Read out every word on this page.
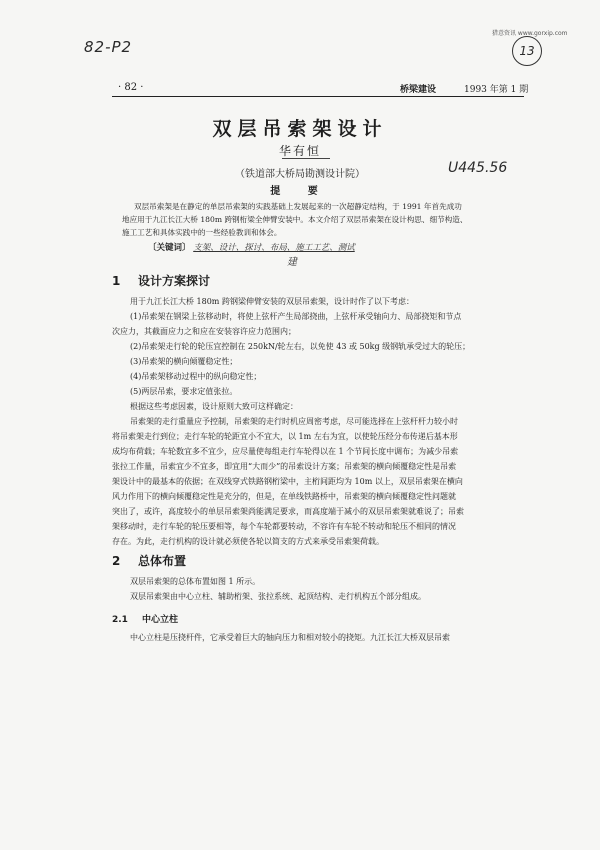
82-P2
猎意资讯 www.gorxip.com
13
· 82 ·	桥梁建设	1993 年第 1 期
双层吊索架设计
华有恒
（铁道部大桥局勘测设计院）	U445.56
提 要
双层吊索架是在静定的单层吊索架的实践基础上发展起来的一次超静定结构，于 1991 年首先成功
地应用于九江长江大桥 180m 跨钢桁梁全伸臂安装中。本文介绍了双层吊索架在设计构思、细节构造、
施工工艺和具体实践中的一些经验教训和体会。
〔关键词〕 支架、设计、探讨、布局、施工工艺、测试
建
1 设计方案探讨
用于九江长江大桥 180m 跨钢梁伸臂安装的双层吊索架，设计时作了以下考虑：
(1)吊索架在钢梁上弦移动时，将使上弦杆产生局部挠曲，上弦杆承受轴向力、局部挠矩和节点
次应力，其截面应力之和应在安装容许应力范围内；
(2)吊索架走行轮的轮压宜控制在 250kN/轮左右，以免使 43 或 50kg 级钢轨承受过大的轮压；
(3)吊索架的横向倾覆稳定性；
(4)吊索架移动过程中的纵向稳定性；
(5)两层吊索，要求定值张拉。
根据这些考虑因素，设计原则大致可这样确定：
吊索架的走行重量应予控制，吊索架的走行时机应周密考虑，尽可能选择在上弦杆杆力较小时
将吊索架走行到位；走行车轮的轮距宜小不宜大，以 1m 左右为宜，以使轮压经分布传递后基本形
成均布荷载；车轮数宜多不宜少，应尽量使每组走行车轮得以在 1 个节间长度中调布；为减少吊索
张拉工作量，吊索宜少不宜多，即宜用“大而少”的吊索设计方案；吊索架的横向倾覆稳定性是吊索
架设计中的最基本的依据；在双线穿式铁路钢桁梁中，主桁间距均为 10m 以上，双层吊索架在横向
风力作用下的横向倾覆稳定性是充分的，但是，在单线铁路桥中，吊索架的横向倾覆稳定性问题就
突出了，或许，高度较小的单层吊索架尚能满足要求，而高度端于减小的双层吊索架就难说了；吊索
架移动时，走行车轮的轮压要相等，每个车轮都要转动，不容许有车轮不转动和轮压不相同的情况
存在。为此，走行机构的设计就必须使各轮以简支的方式来承受吊索架荷载。
2 总体布置
双层吊索架的总体布置如图 1 所示。
双层吊索架由中心立柱、辅助桁架、张拉系统、起顶结构、走行机构五个部分组成。
2.1 中心立柱
中心立柱是压挠杆件，它承受着巨大的轴向压力和相对较小的挠矩。九江长江大桥双层吊索
